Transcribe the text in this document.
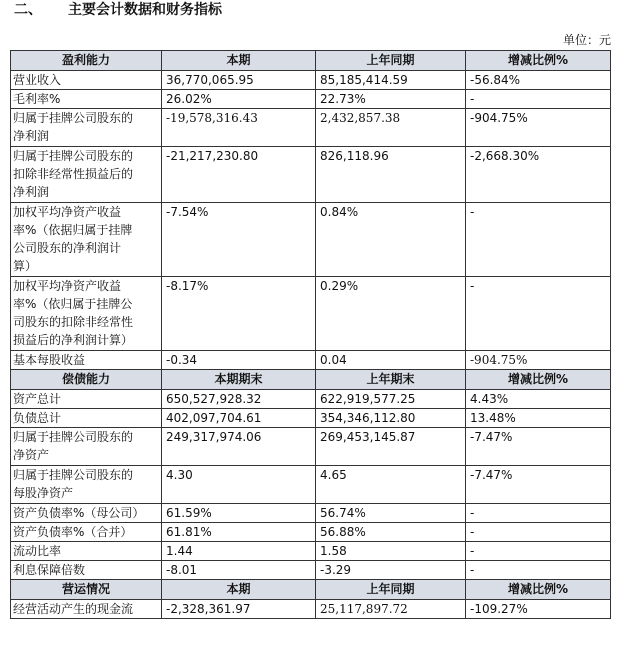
二、 主要会计数据和财务指标
单位：元
盈利能力	本期	上年同期	增减比例%
营业收入	36,770,065.95	85,185,414.59	-56.84%
毛利率%	26.02%	22.73%	-
归属于挂牌公司股东的
净利润	-19,578,316.43	2,432,857.38	-904.75%
归属于挂牌公司股东的
扣除非经常性损益后的
净利润	-21,217,230.80	826,118.96	-2,668.30%
加权平均净资产收益
率%（依据归属于挂牌
公司股东的净利润计
算）	-7.54%	0.84%	-
加权平均净资产收益
率%（依归属于挂牌公
司股东的扣除非经常性
损益后的净利润计算）	-8.17%	0.29%	-
基本每股收益	-0.34	0.04	-904.75%
偿债能力	本期期末	上年期末	增减比例%
资产总计	650,527,928.32	622,919,577.25	4.43%
负债总计	402,097,704.61	354,346,112.80	13.48%
归属于挂牌公司股东的
净资产	249,317,974.06	269,453,145.87	-7.47%
归属于挂牌公司股东的
每股净资产	4.30	4.65	-7.47%
资产负债率%（母公司）	61.59%	56.74%	-
资产负债率%（合并）	61.81%	56.88%	-
流动比率	1.44	1.58	-
利息保障倍数	-8.01	-3.29	-
营运情况	本期	上年同期	增减比例%
经营活动产生的现金流	-2,328,361.97	25,117,897.72	-109.27%
